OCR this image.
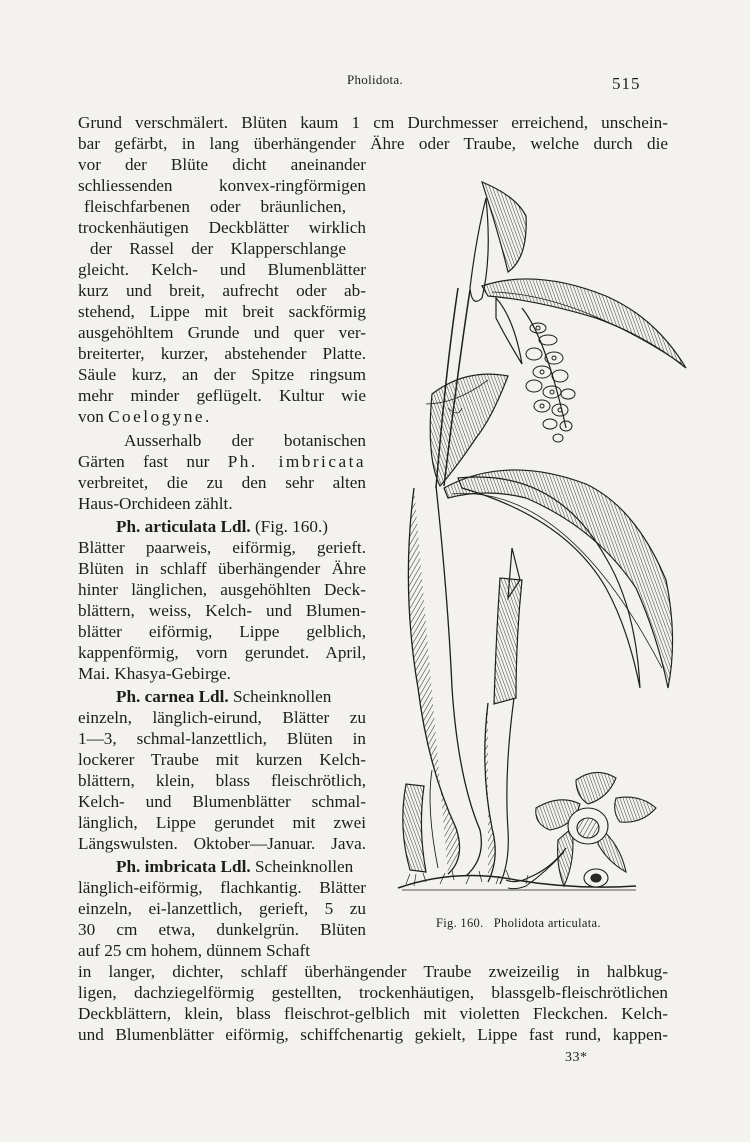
Pholidota.	515
Grund verschmälert. Blüten kaum 1 cm Durchmesser erreichend, unschein-
bar gefärbt, in lang überhängender Ähre oder Traube, welche durch die
vor der Blüte dicht aneinander
schliessenden konvex-ringförmigen
fleischfarbenen oder bräunlichen,
trockenhäutigen Deckblätter wirklich
der Rassel der Klapperschlange
gleicht. Kelch- und Blumenblätter
kurz und breit, aufrecht oder ab-
stehend, Lippe mit breit sackförmig
ausgehöhltem Grunde und quer ver-
breiterter, kurzer, abstehender Platte.
Säule kurz, an der Spitze ringsum
mehr minder geflügelt. Kultur wie
von Coelogyne.
Ausserhalb der botanischen
Gärten fast nur Ph. imbricata
verbreitet, die zu den sehr alten
Haus-Orchideen zählt.
Ph. articulata Ldl. (Fig. 160.)
Blätter paarweis, eiförmig, gerieft.
Blüten in schlaff überhängender Ähre
hinter länglichen, ausgehöhlten Deck-
blättern, weiss, Kelch- und Blumen-
blätter eiförmig, Lippe gelblich,
kappenförmig, vorn gerundet. April,
Mai. Khasya-Gebirge.
Ph. carnea Ldl. Scheinknollen
einzeln, länglich-eirund, Blätter zu
1—3, schmal-lanzettlich, Blüten in
lockerer Traube mit kurzen Kelch-
blättern, klein, blass fleischrötlich,
Kelch- und Blumenblätter schmal-
länglich, Lippe gerundet mit zwei
Längswulsten. Oktober—Januar. Java.
Ph. imbricata Ldl. Scheinknollen
länglich-eiförmig, flachkantig. Blätter
einzeln, ei-lanzettlich, gerieft, 5 zu
30 cm etwa, dunkelgrün. Blüten
auf 25 cm hohem, dünnem Schaft
in langer, dichter, schlaff überhängender Traube zweizeilig in halbkug-
ligen, dachziegelförmig gestellten, trockenhäutigen, blassgelb-fleischrötlichen
Deckblättern, klein, blass fleischrot-gelblich mit violetten Fleckchen. Kelch-
und Blumenblätter eiförmig, schiffchenartig gekielt, Lippe fast rund, kappen-
Fig. 160. Pholidota articulata.
33*
